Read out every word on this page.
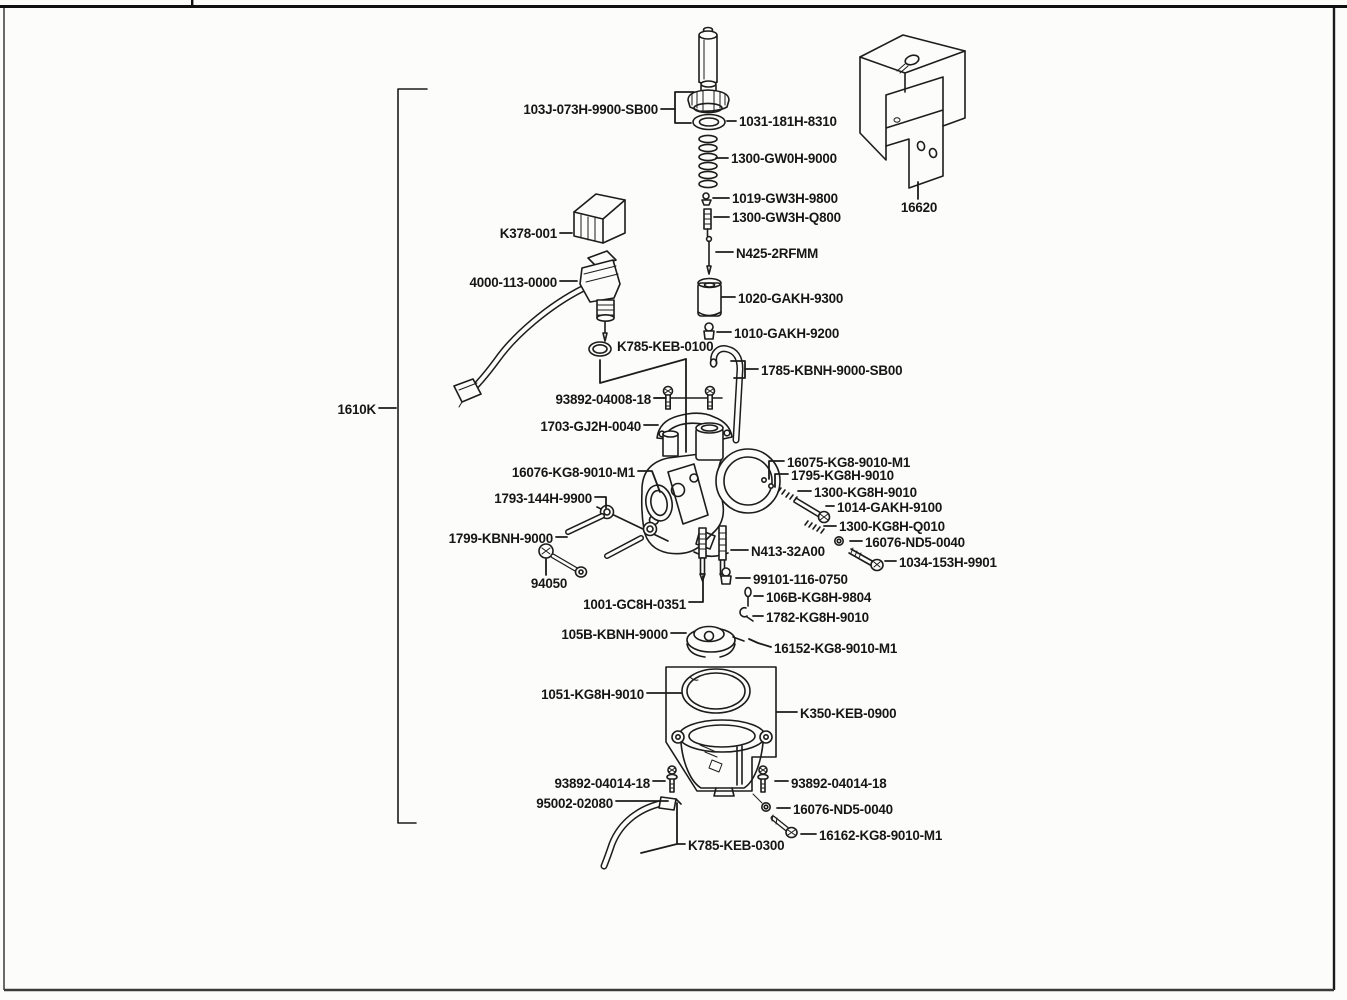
103J-073H-9900-SB00
1031-181H-8310
1300-GW0H-9000
1019-GW3H-9800
1300-GW3H-Q800
16620
K378-001
N425-2RFMM
4000-113-0000
1020-GAKH-9300
1010-GAKH-9200
K785-KEB-0100
1785-KBNH-9000-SB00
93892-04008-18
1703-GJ2H-0040
16076-KG8-9010-M1
16075-KG8-9010-M1
1795-KG8H-9010
1300-KG8H-9010
1014-GAKH-9100
1300-KG8H-Q010
16076-ND5-0040
1034-153H-9901
1793-144H-9900
1799-KBNH-9000
94050
N413-32A00
99101-116-0750
106B-KG8H-9804
1782-KG8H-9010
1001-GC8H-0351
105B-KBNH-9000
16152-KG8-9010-M1
1051-KG8H-9010
K350-KEB-0900
93892-04014-18	93892-04014-18
95002-02080	16076-ND5-0040
16162-KG8-9010-M1
K785-KEB-0300
1610K
